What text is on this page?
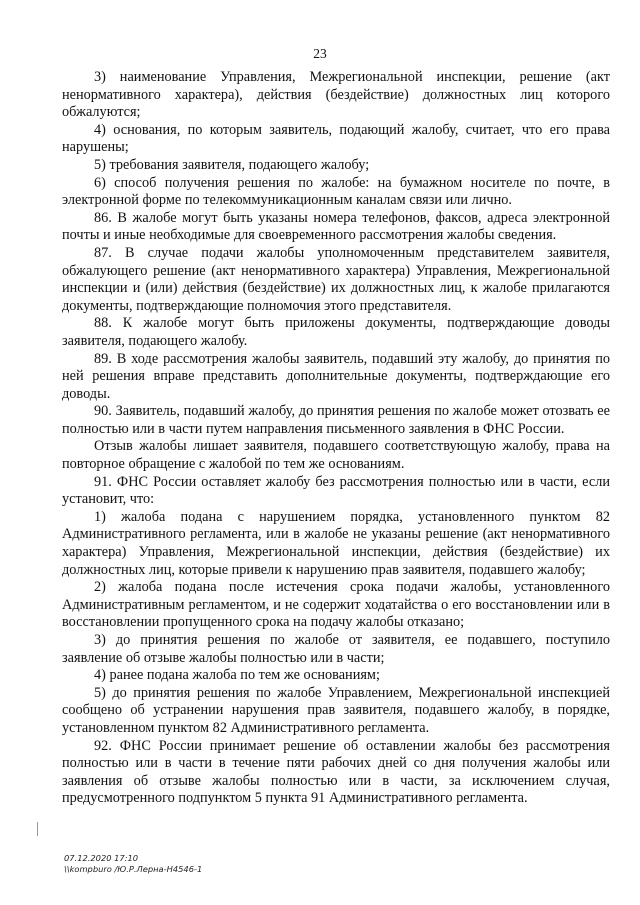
23

3) наименование Управления, Межрегиональной инспекции, решение (акт ненормативного характера), действия (бездействие) должностных лиц которого обжалуются;

4) основания, по которым заявитель, подающий жалобу, считает, что его права нарушены;

5) требования заявителя, подающего жалобу;

6) способ получения решения по жалобе: на бумажном носителе по почте, в электронной форме по телекоммуникационным каналам связи или лично.

86. В жалобе могут быть указаны номера телефонов, факсов, адреса электронной почты и иные необходимые для своевременного рассмотрения жалобы сведения.

87. В случае подачи жалобы уполномоченным представителем заявителя, обжалующего решение (акт ненормативного характера) Управления, Межрегиональной инспекции и (или) действия (бездействие) их должностных лиц, к жалобе прилагаются документы, подтверждающие полномочия этого представителя.

88. К жалобе могут быть приложены документы, подтверждающие доводы заявителя, подающего жалобу.

89. В ходе рассмотрения жалобы заявитель, подавший эту жалобу, до принятия по ней решения вправе представить дополнительные документы, подтверждающие его доводы.

90. Заявитель, подавший жалобу, до принятия решения по жалобе может отозвать ее полностью или в части путем направления письменного заявления в ФНС России.

Отзыв жалобы лишает заявителя, подавшего соответствующую жалобу, права на повторное обращение с жалобой по тем же основаниям.

91. ФНС России оставляет жалобу без рассмотрения полностью или в части, если установит, что:

1) жалоба подана с нарушением порядка, установленного пунктом 82 Административного регламента, или в жалобе не указаны решение (акт ненормативного характера) Управления, Межрегиональной инспекции, действия (бездействие) их должностных лиц, которые привели к нарушению прав заявителя, подавшего жалобу;

2) жалоба подана после истечения срока подачи жалобы, установленного Административным регламентом, и не содержит ходатайства о его восстановлении или в восстановлении пропущенного срока на подачу жалобы отказано;

3) до принятия решения по жалобе от заявителя, ее подавшего, поступило заявление об отзыве жалобы полностью или в части;

4) ранее подана жалоба по тем же основаниям;

5) до принятия решения по жалобе Управлением, Межрегиональной инспекцией сообщено об устранении нарушения прав заявителя, подавшего жалобу, в порядке, установленном пунктом 82 Административного регламента.

92. ФНС России принимает решение об оставлении жалобы без рассмотрения полностью или в части в течение пяти рабочих дней со дня получения жалобы или заявления об отзыве жалобы полностью или в части, за исключением случая, предусмотренного подпунктом 5 пункта 91 Административного регламента.

07.12.2020 17:10
\\kompburo /Ю.Р.Лерна-Н4546-1
